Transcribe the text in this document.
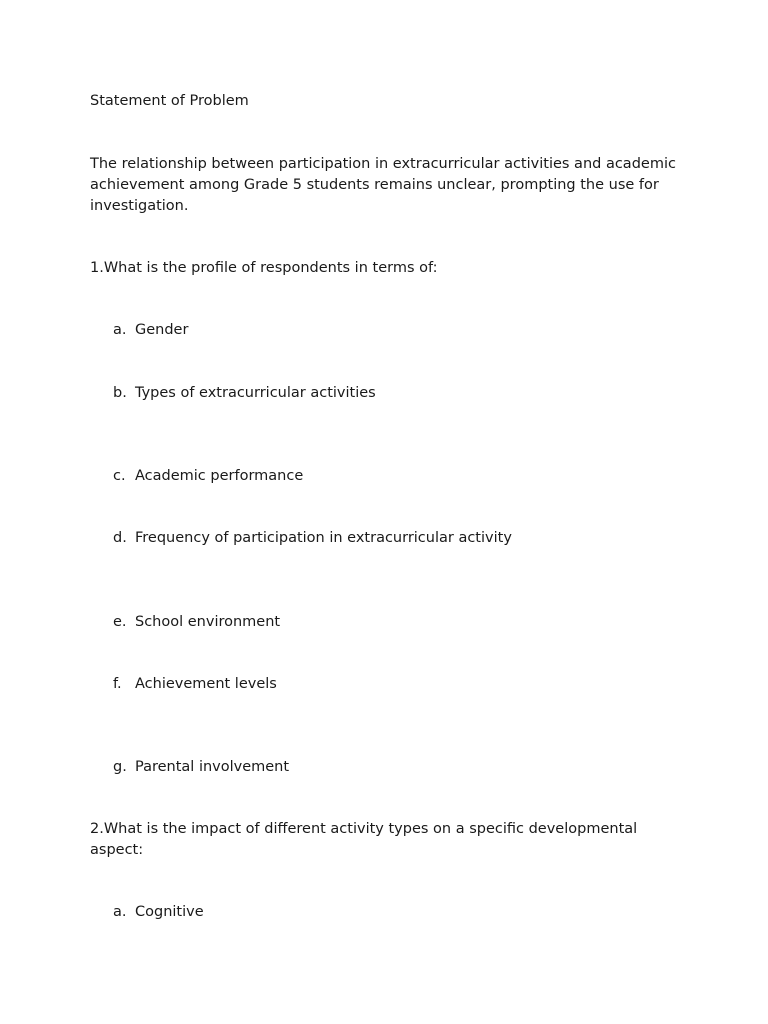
Statement of Problem
The relationship between participation in extracurricular activities and academic achievement among Grade 5 students remains unclear, prompting the use for investigation.
1.What is the profile of respondents in terms of:
a. Gender
b. Types of extracurricular activities
c. Academic performance
d. Frequency of participation in extracurricular activity
e. School environment
f. Achievement levels
g. Parental involvement
2.What is the impact of different activity types on a specific developmental aspect:
a. Cognitive
